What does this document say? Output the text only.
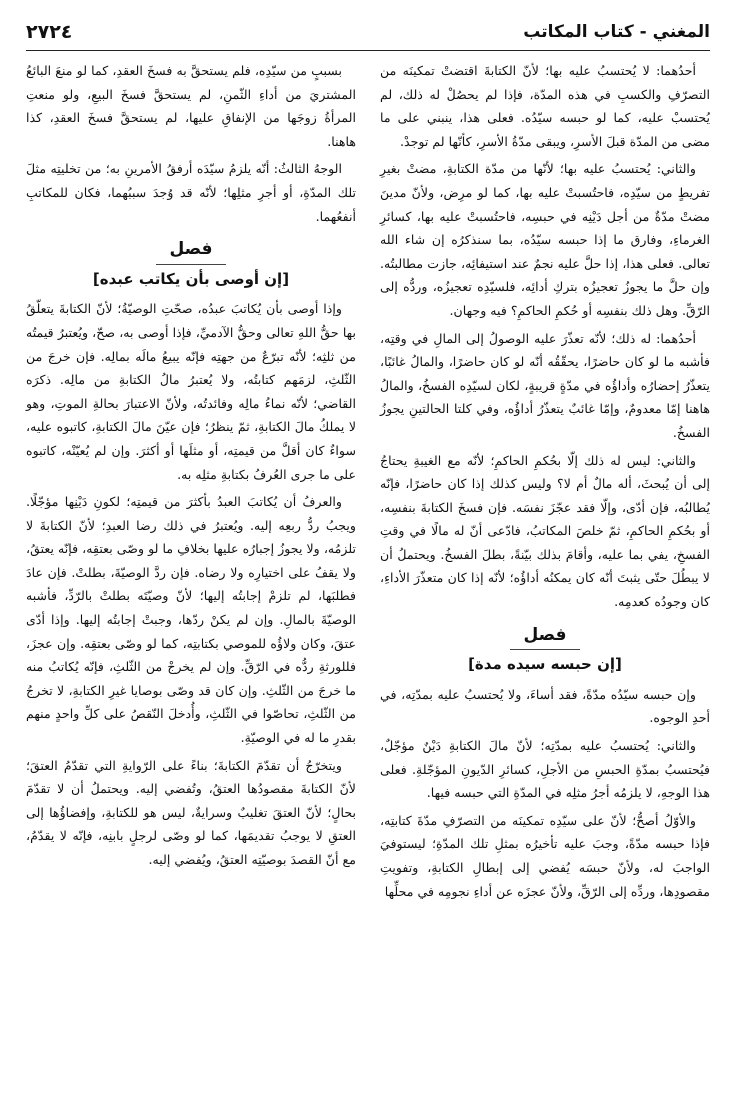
المغني - كتاب المكاتب
٢٧٢٤

أحدُهما: لا يُحتسبُ عليه بها؛ لأنّ الكتابةَ اقتضتْ تمكينَه من التصرّفِ والكسبِ في هذه المدّة، فإذا لم يحصُلْ له ذلك، لم يُحتسبْ عليه، كما لو حبسه سيّدُه. فعلى هذا، ينبني على ما مضى من المدّة قبلَ الأسرِ، ويبقى مدّةُ الأسرِ، كأنّها لم توجدْ.

والثاني: يُحتسبُ عليه بها؛ لأنّها من مدّة الكتابةِ، مضتْ بغيرِ تفريطٍ من سيّدِه، فاحتُسبتْ عليه بها، كما لو مرِض، ولأنّ مدينَ مضتْ مدّةٌ من أجل دَيْنِه في حبسِه، فاحتُسبتْ عليه بها، كسائرِ الغرماءِ، وفارق ما إذا حبسه سيّدُه، بما سنذكرُه إن شاء الله تعالى. فعلى هذا، إذا حلَّ عليه نجمٌ عند استيفائِه، جازت مطالبتُه. وإن حلَّ ما يجوزُ تعجيزُه بتركِ أدائِه، فلسيّدِه تعجيزُه، وردُّه إلى الرّقِّ. وهل ذلك بنفسِه أو حُكمِ الحاكمِ؟ فيه وجهان.

أحدُهما: له ذلك؛ لأنّه تعذّرَ عليه الوصولُ إلى المالِ في وقتِه، فأشبه ما لو كان حاضرًا، يحقّقُه أنّه لو كان حاضرًا، والمالُ غائبًا، يتعذّرُ إحضارُه وأداؤُه في مدّةٍ قريبةٍ، لكان لسيّدِه الفسخُ، والمالُ هاهنا إمّا معدومٌ، وإمّا غائبٌ يتعذّرُ أداؤُه، وفي كلتا الحالتينِ يجوزُ الفسخُ.

والثاني: ليس له ذلك إلّا بحُكمِ الحاكمِ؛ لأنّه مع الغيبةِ يحتاجُ إلى أن يُبحثَ، أله مالٌ أم لا؟ وليس كذلك إذا كان حاضرًا، فإنّه يُطالبُه، فإن أدّى، وإلّا فقد عجّزَ نفسَه. فإن فسخَ الكتابةَ بنفسِه، أو بحُكمِ الحاكمِ، ثمّ خلصَ المكاتبُ، فادّعى أنّ له مالًا في وقتِ الفسخِ، يفي بما عليه، وأقامَ بذلك بيّنةً، بطلَ الفسخُ. ويحتملُ أن لا يبطُلَ حتّى يثبتَ أنّه كان يمكنُه أداؤُه؛ لأنّه إذا كان متعذّرَ الأداءِ، كان وجودُه كعدمِه.

فصل
[إن حبسه سيده مدة]

وإن حبسه سيّدُه مدّةً، فقد أساءَ، ولا يُحتسبُ عليه بمدّتِه، في أحدِ الوجوه.

والثاني: يُحتسبُ عليه بمدّتِه؛ لأنّ مالَ الكتابةِ دَيْنٌ مؤجّلٌ، فيُحتسبُ بمدّةِ الحبسِ من الأجلِ، كسائرِ الدّيونِ المؤجّلةِ. فعلى هذا الوجهِ، لا يلزمُه أجرُ مثلِه في المدّةِ التي حبسه فيها.

والأوّلُ أصحُّ؛ لأنّ على سيّدِه تمكينَه من التصرّفِ مدّةَ كتابتِه، فإذا حبسه مدّةً، وجبَ عليه تأخيرُه بمثلِ تلك المدّةِ؛ ليستوفيَ الواجبَ له، ولأنّ حبسَه يُفضي إلى إبطالِ الكتابةِ، وتفويتِ مقصودِها، وردِّه إلى الرّقِّ، ولأنّ عجزَه عن أداءِ نجومِه في محلِّها

بسببٍ من سيّدِه، فلم يستحقَّ به فسخَ العقدِ، كما لو منعَ البائعُ المشتريَ من أداءِ الثّمنِ، لم يستحقَّ فسخَ البيعِ، ولو منعتِ المرأةُ زوجَها من الإنفاقِ عليها، لم يستحقَّ فسخَ العقدِ، كذا هاهنا.

الوجهُ الثالثُ: أنّه يلزمُ سيّدَه أرفقُ الأمرينِ به؛ من تخليتِه مثلَ تلك المدّةِ، أو أجرِ مثلِها؛ لأنّه قد وُجدَ سببُهما، فكان للمكاتبِ أنفعُهما.

فصل
[إن أوصى بأن يكاتب عبده]

وإذا أوصى بأن يُكاتبَ عبدُه، صحّتِ الوصيّةُ؛ لأنّ الكتابةَ يتعلّقُ بها حقُّ اللهِ تعالى وحقُّ الآدميِّ، فإذا أوصى به، صحّ، ويُعتبرُ قيمتُه من ثلثِه؛ لأنّه تبرّعٌ من جهتِه فإنّه يبيعُ مالَه بمالِه. فإن خرجَ من الثّلثِ، لزمَهم كتابتُه، ولا يُعتبرُ مالُ الكتابةِ من مالِه. ذكرَه القاضي؛ لأنّه نماءُ مالِه وفائدتُه، ولأنّ الاعتبارَ بحالةِ الموتِ، وهو لا يملكُ مالَ الكتابةِ، ثمّ ينظرُ؛ فإن عيّنَ مالَ الكتابةِ، كاتبوه عليه، سواءٌ كان أقلَّ من قيمتِه، أو مثلَها أو أكثرَ. وإن لم يُعيّنْه، كاتبوه على ما جرى العُرفُ بكتابةِ مثلِه به.

والعرفُ أن يُكاتبَ العبدُ بأكثرَ من قيمتِه؛ لكونِ دَيْنِها مؤجّلًا. ويجبُ ردُّ ربعِه إليه. ويُعتبرُ في ذلك رضا العبدِ؛ لأنّ الكتابةَ لا تلزمُه، ولا يجوزُ إجبارُه عليها بخلافِ ما لو وصّى بعتقِه، فإنّه يعتقُ، ولا يقفُ على اختيارِه ولا رضاه. فإن ردَّ الوصيّةَ، بطلتْ. فإن عادَ فطلبَها، لم تلزمْ إجابتُه إليها؛ لأنّ وصيّتَه بطلتْ بالرّدِّ، فأشبه الوصيّةَ بالمالِ. وإن لم يكنْ ردّها، وجبتْ إجابتُه إليها. وإذا أدّى عتقَ، وكان ولاؤُه للموصي بكتابتِه، كما لو وصّى بعتقِه. وإن عجزَ، فللورثةِ ردُّه في الرّقِّ. وإن لم يخرجْ من الثّلثِ، فإنّه يُكاتبُ منه ما خرجَ من الثّلثِ. وإن كان قد وصّى بوصايا غيرِ الكتابةِ، لا تخرجُ من الثّلثِ، تحاصّوا في الثّلثِ، وأُدخلَ النّقصُ على كلِّ واحدٍ منهم بقدرِ ما له في الوصيّةِ.

ويتخرّجُ أن تقدّمَ الكتابةَ؛ بناءً على الرّوايةِ التي تقدّمُ العتقَ؛ لأنّ الكتابةَ مقصودُها العتقُ، وتُفضي إليه. ويحتملُ أن لا تقدّمَ بحالٍ؛ لأنّ العتقَ تغليبٌ وسرايةٌ، ليس هو للكتابةِ، وإفضاؤُها إلى العتقِ لا يوجبُ تقديمَها، كما لو وصّى لرجلٍ بابنِه، فإنّه لا يقدّمُ، مع أنّ القصدَ بوصيّتِه العتقُ، ويُفضي إليه.
